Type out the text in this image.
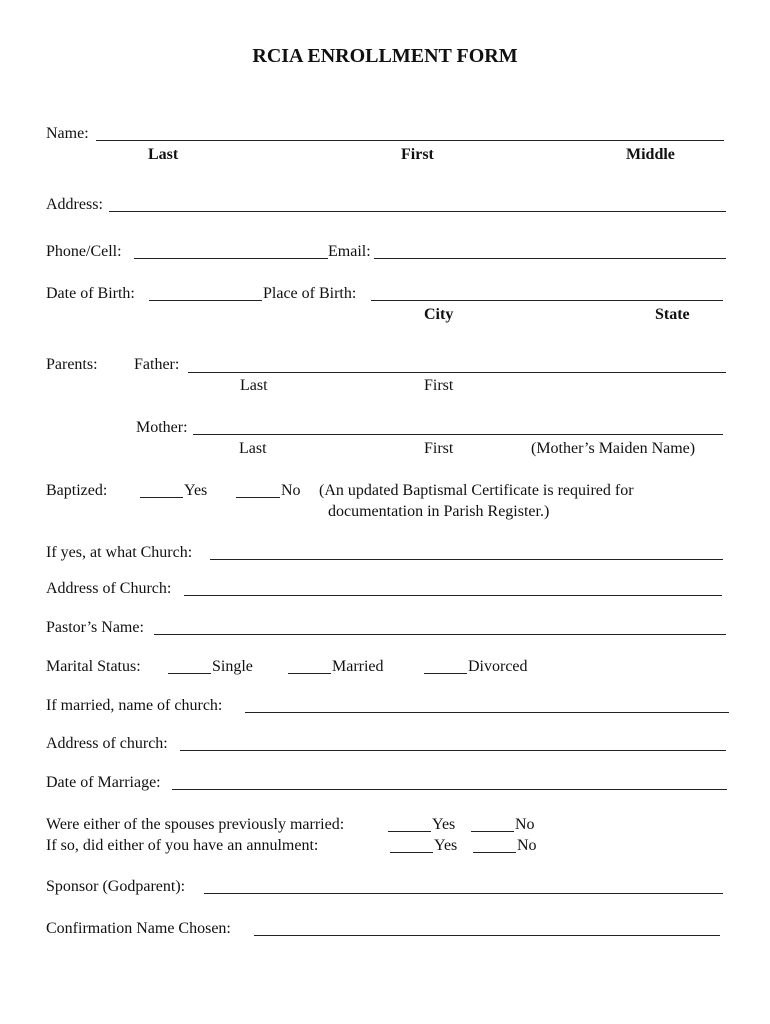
RCIA ENROLLMENT FORM
Name:
Last	First	Middle
Address:
Phone/Cell:	Email:
Date of Birth:	Place of Birth:
City	State
Parents: Father:
Last	First
Mother:
Last	First	(Mother’s Maiden Name)
Baptized:	Yes	No (An updated Baptismal Certificate is required for
documentation in Parish Register.)
If yes, at what Church:
Address of Church:
Pastor’s Name:
Marital Status:	Single	Married	Divorced
If married, name of church:
Address of church:
Date of Marriage:
Were either of the spouses previously married:	Yes	No
If so, did either of you have an annulment:	Yes	No
Sponsor (Godparent):
Confirmation Name Chosen:
